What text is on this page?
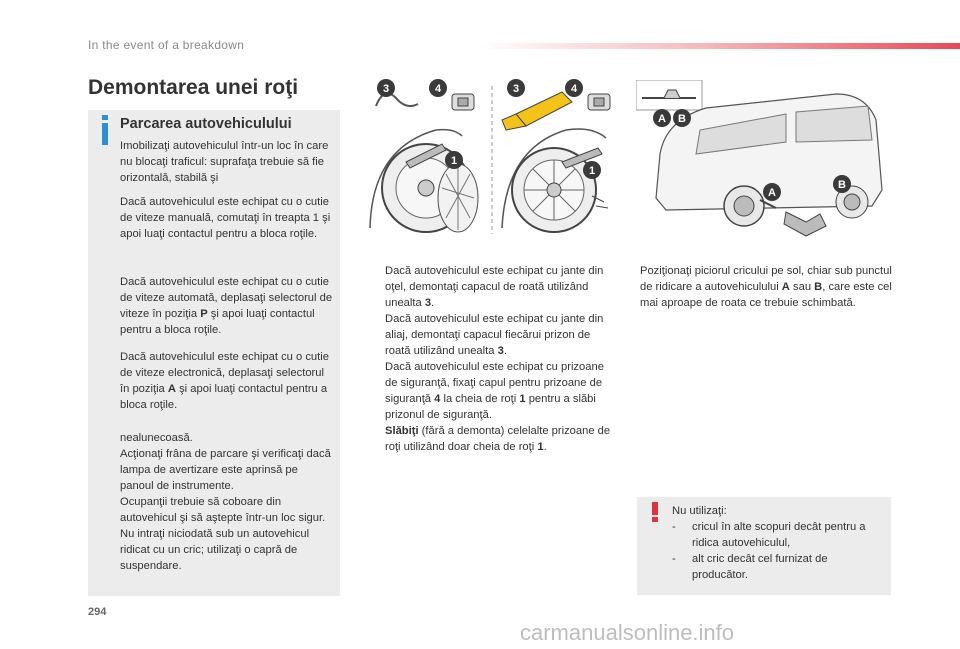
In the event of a breakdown
Demontarea unei roţi
Parcarea autovehiculului
Imobilizaţi autovehiculul într-un loc în care nu blocaţi traficul: suprafaţa trebuie să fie orizontală, stabilă şi
Dacă autovehiculul este echipat cu o cutie de viteze manuală, comutaţi în treapta 1 şi apoi luaţi contactul pentru a bloca roţile.
Dacă autovehiculul este echipat cu o cutie de viteze automată, deplasaţi selectorul de viteze în poziţia P şi apoi luaţi contactul pentru a bloca roţile.
Dacă autovehiculul este echipat cu o cutie de viteze electronică, deplasaţi selectorul în poziţia A şi apoi luaţi contactul pentru a bloca roţile.
nealunecoasă.
Acţionaţi frâna de parcare şi verificaţi dacă lampa de avertizare este aprinsă pe panoul de instrumente.
Ocupanţii trebuie să coboare din autovehicul şi să aştepte într-un loc sigur.
Nu intraţi niciodată sub un autovehicul ridicat cu un cric; utilizaţi o capră de suspendare.
3	4
1
3	4
1
A B
A
B
Dacă autovehiculul este echipat cu jante din oţel, demontaţi capacul de roată utilizând unealta 3.
Dacă autovehiculul este echipat cu jante din aliaj, demontaţi capacul fiecărui prizon de roată utilizând unealta 3.
Dacă autovehiculul este echipat cu prizoane de siguranţă, fixaţi capul pentru prizoane de siguranţă 4 la cheia de roţi 1 pentru a slăbi prizonul de siguranţă.
Slăbiţi (fără a demonta) celelalte prizoane de roţi utilizând doar cheia de roţi 1.
Poziţionaţi piciorul cricului pe sol, chiar sub punctul de ridicare a autovehiculului A sau B, care este cel mai aproape de roata ce trebuie schimbată.
Nu utilizaţi:
-	cricul în alte scopuri decât pentru a ridica autovehiculul,
-	alt cric decât cel furnizat de producător.
294
carmanualsonline.info
